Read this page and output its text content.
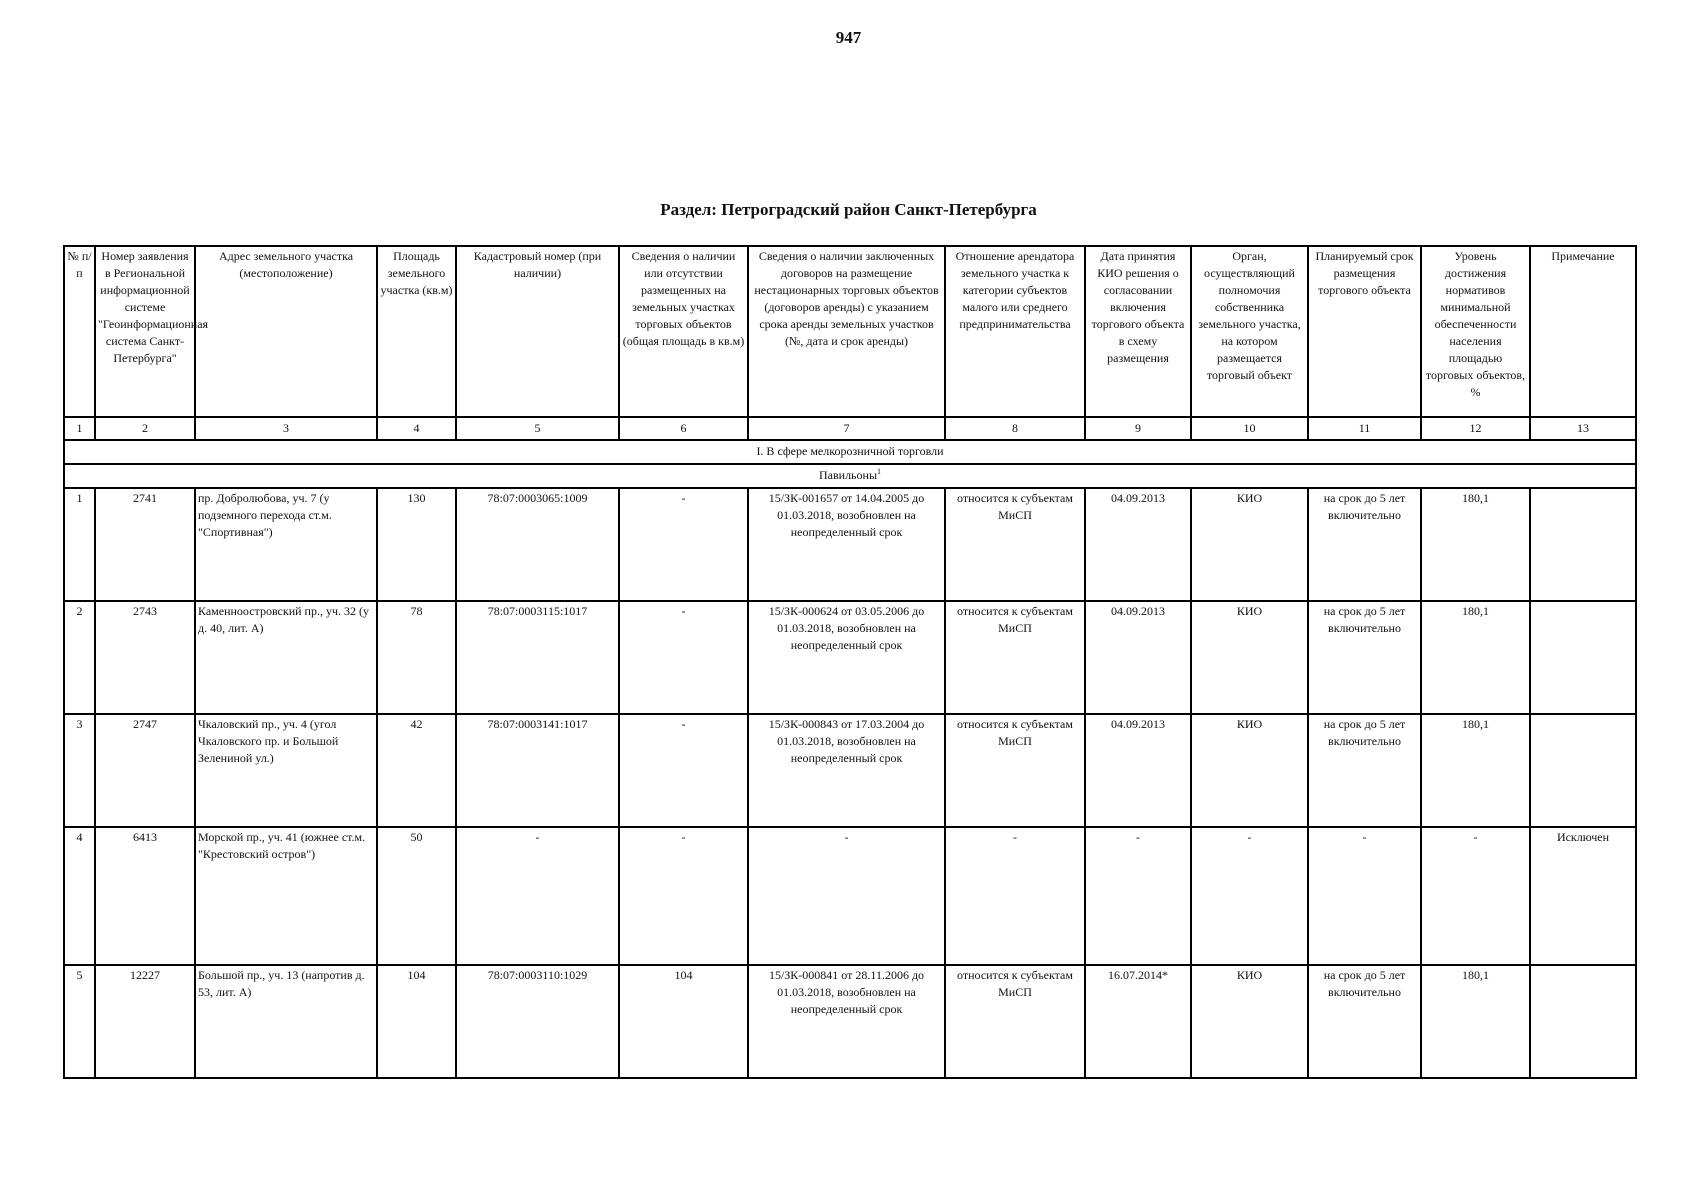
947
Раздел: Петроградский район Санкт-Петербурга
№ п/п	Номер заявления в Региональной информационной системе "Геоинформационная система Санкт-Петербурга"	Адрес земельного участка (местоположение)	Площадь земельного участка (кв.м)	Кадастровый номер (при наличии)	Сведения о наличии или отсутствии размещенных на земельных участках торговых объектов (общая площадь в кв.м)	Сведения о наличии заключенных договоров на размещение нестационарных торговых объектов (договоров аренды) с указанием срока аренды земельных участков (№, дата и срок аренды)	Отношение арендатора земельного участка к категории субъектов малого или среднего предпринимательства	Дата принятия КИО решения о согласовании включения торгового объекта в схему размещения	Орган, осуществляющий полномочия собственника земельного участка, на котором размещается торговый объект	Планируемый срок размещения торгового объекта	Уровень достижения нормативов минимальной обеспеченности населения площадью торговых объектов, %	Примечание
1	2	3	4	5	6	7	8	9	10	11	12	13
I. В сфере мелкорозничной торговли												
Павильоны$^1$
1	2741	пр. Добролюбова, уч. 7 (у подземного перехода ст.м. "Спортивная")	130	78:07:0003065:1009	-	15/ЗК-001657 от 14.04.2005 до 01.03.2018, возобновлен на неопределенный срок	относится к субъектам МиСП	04.09.2013	КИО	на срок до 5 лет включительно	180,1	
2	2743	Каменноостровский пр., уч. 32 (у д. 40, лит. А)	78	78:07:0003115:1017	-	15/ЗК-000624 от 03.05.2006 до 01.03.2018, возобновлен на неопределенный срок	относится к субъектам МиСП	04.09.2013	КИО	на срок до 5 лет включительно	180,1	
3	2747	Чкаловский пр., уч. 4 (угол Чкаловского пр. и Большой Зелениной ул.)	42	78:07:0003141:1017	-	15/ЗК-000843 от 17.03.2004 до 01.03.2018, возобновлен на неопределенный срок	относится к субъектам МиСП	04.09.2013	КИО	на срок до 5 лет включительно	180,1	
4	6413	Морской пр., уч. 41 (южнее ст.м. "Крестовский остров")	50	-	-	-	-	-	-	-	-	Исключен
5	12227	Большой пр., уч. 13 (напротив д. 53, лит. А)	104	78:07:0003110:1029	104	15/ЗК-000841 от 28.11.2006 до 01.03.2018, возобновлен на неопределенный срок	относится к субъектам МиСП	16.07.2014*	КИО	на срок до 5 лет включительно	180,1	
